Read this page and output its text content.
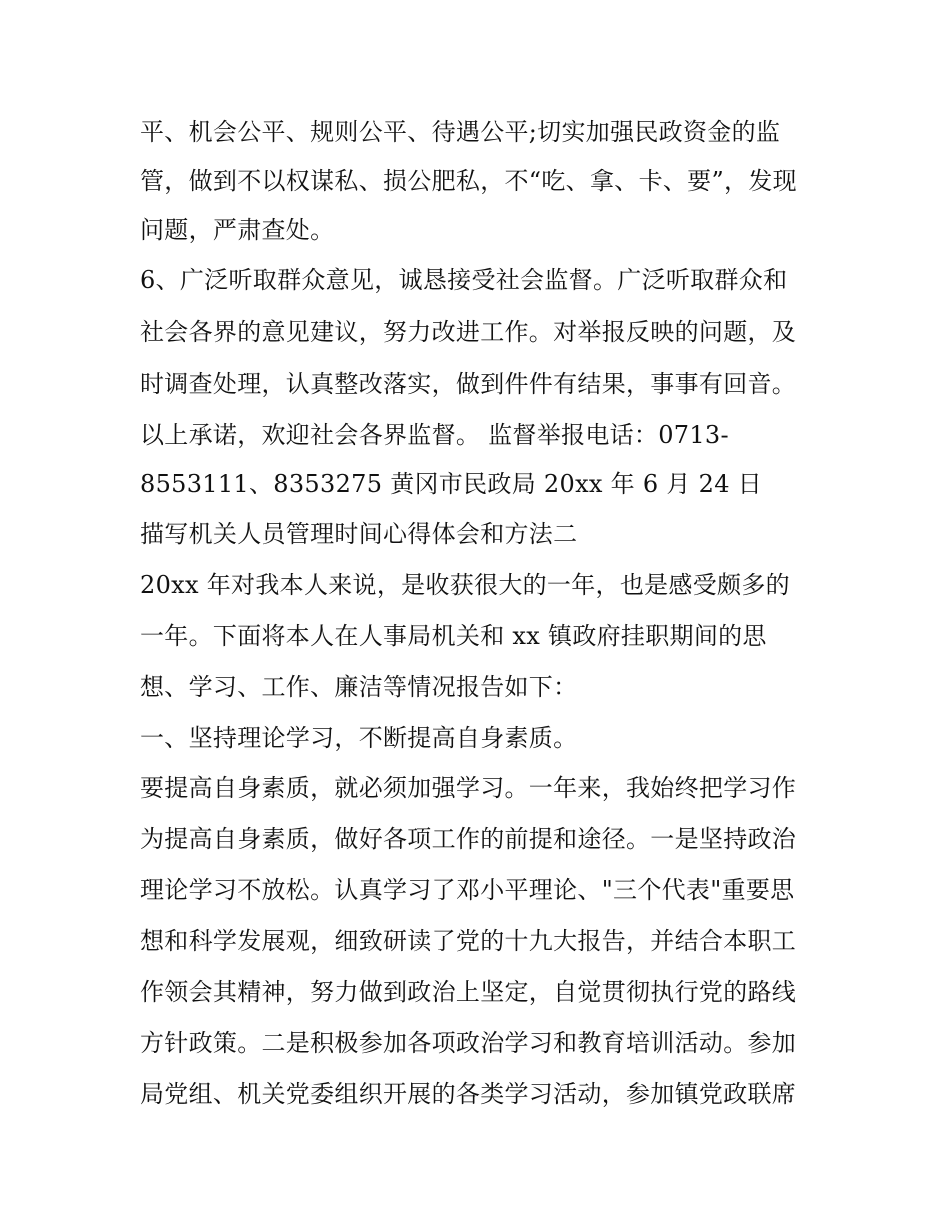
平、机会公平、规则公平、待遇公平;切实加强民政资金的监
管，做到不以权谋私、损公肥私，不“吃、拿、卡、要”，发现
问题，严肃查处。
6、广泛听取群众意见，诚恳接受社会监督。广泛听取群众和
社会各界的意见建议，努力改进工作。对举报反映的问题，及
时调查处理，认真整改落实，做到件件有结果，事事有回音。
以上承诺，欢迎社会各界监督。 监督举报电话：0713-
8553111、8353275 黄冈市民政局 20xx 年 6 月 24 日
描写机关人员管理时间心得体会和方法二
20xx 年对我本人来说，是收获很大的一年，也是感受颇多的
一年。下面将本人在人事局机关和 xx 镇政府挂职期间的思
想、学习、工作、廉洁等情况报告如下：
一、坚持理论学习，不断提高自身素质。
要提高自身素质，就必须加强学习。一年来，我始终把学习作
为提高自身素质，做好各项工作的前提和途径。一是坚持政治
理论学习不放松。认真学习了邓小平理论、"三个代表"重要思
想和科学发展观，细致研读了党的十九大报告，并结合本职工
作领会其精神，努力做到政治上坚定，自觉贯彻执行党的路线
方针政策。二是积极参加各项政治学习和教育培训活动。参加
局党组、机关党委组织开展的各类学习活动，参加镇党政联席
